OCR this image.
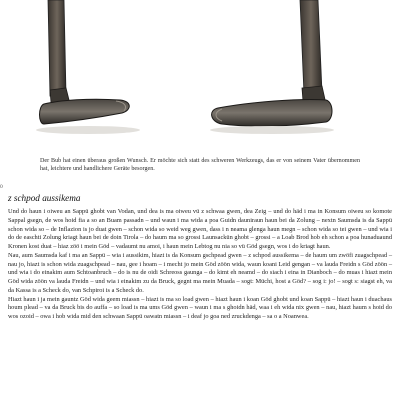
Der Bub hat einen überaus großen Wunsch. Er möchte sich statt des schweren Werkzeugs, das er von seinem Vater übernommen hat, leichtere und handlichere Geräte besorgen.
0
z schpod aussikema

Und do haun i oiweu an Sappü ghobt van Vodan, und dea is ma oiweu vü z schwaa gwen, dea Zeig – und do häd i ma in Konsum oiweu so komote Sappal gsegn, de wos hoid fia a so an Buam passadn – und waun i ma wida a poa Guidn dauniraun haun bei da Zolung – nextn Saumsda is da Sappü schon wida so – de Inflazion is jo duat gwen – schon wida so weid weg gwen, dass i n neama glenga haun megn – schon wida so tei gwen – und wia i do de easchti Zolung kriagt haun bei de doin Tirola – do haum ma so grossi Launsackün ghobt – grossi – a Loab Brod hob eh schon a poa hunaduaund Kronen kost duat – hiaz zöö i mein Göd – vadaumt nu amoi, i haun mein Lebtog nu nia so vü Göd gsegn, wos i do kriagt haun.

Nau, aum Saumsda kaf i ma an Sappü – wia i aussikim, hiazt is da Konsum gschpead gwen – z schpod aussikema – de haum um zwöfi zuagschpead – nau jo, hiazt is schon wida zuagschpead – nau, gee i hoam – i mecht jo mein Göd zöön wida, waun koani Leid gengan – va lauda Freidn s Göd zöön – und wia i do einakim aum Schtoanbruch – do is nu de oidi Schreoss gaunga – do kimt eh neamd – do siach i eina in Dianboch – do muas i hiazt mein Göd wida zöön va lauda Freidn – und wia i einakim zu da Bruck, gegnt ma mein Muada – sogt: Müchi, host a Göd? – sog i: jo! – sogt s: siagst eh, va da Kassa is a Scheck do, van Schpiroi is a Scheck do.

Hiazt haun i ja mein gauntz Göd wida geem miassn – hiazt is ma so load gwen – hiazt haun i koan Göd ghobt und koan Sappü – hiazt haun i duachaus houm plead – va da Bruck bis do auffa – so load is ma ums Göd gwen – waun i ma s ghoidn häd, waa i eh wida nix gwen – nau, hiazt haum s hoid do wos ozoid – owa i hob wida mid den schwaan Sappü oawatn miassn – i deaf jo goa ned zruckdenga – sa o a Noanwea.
